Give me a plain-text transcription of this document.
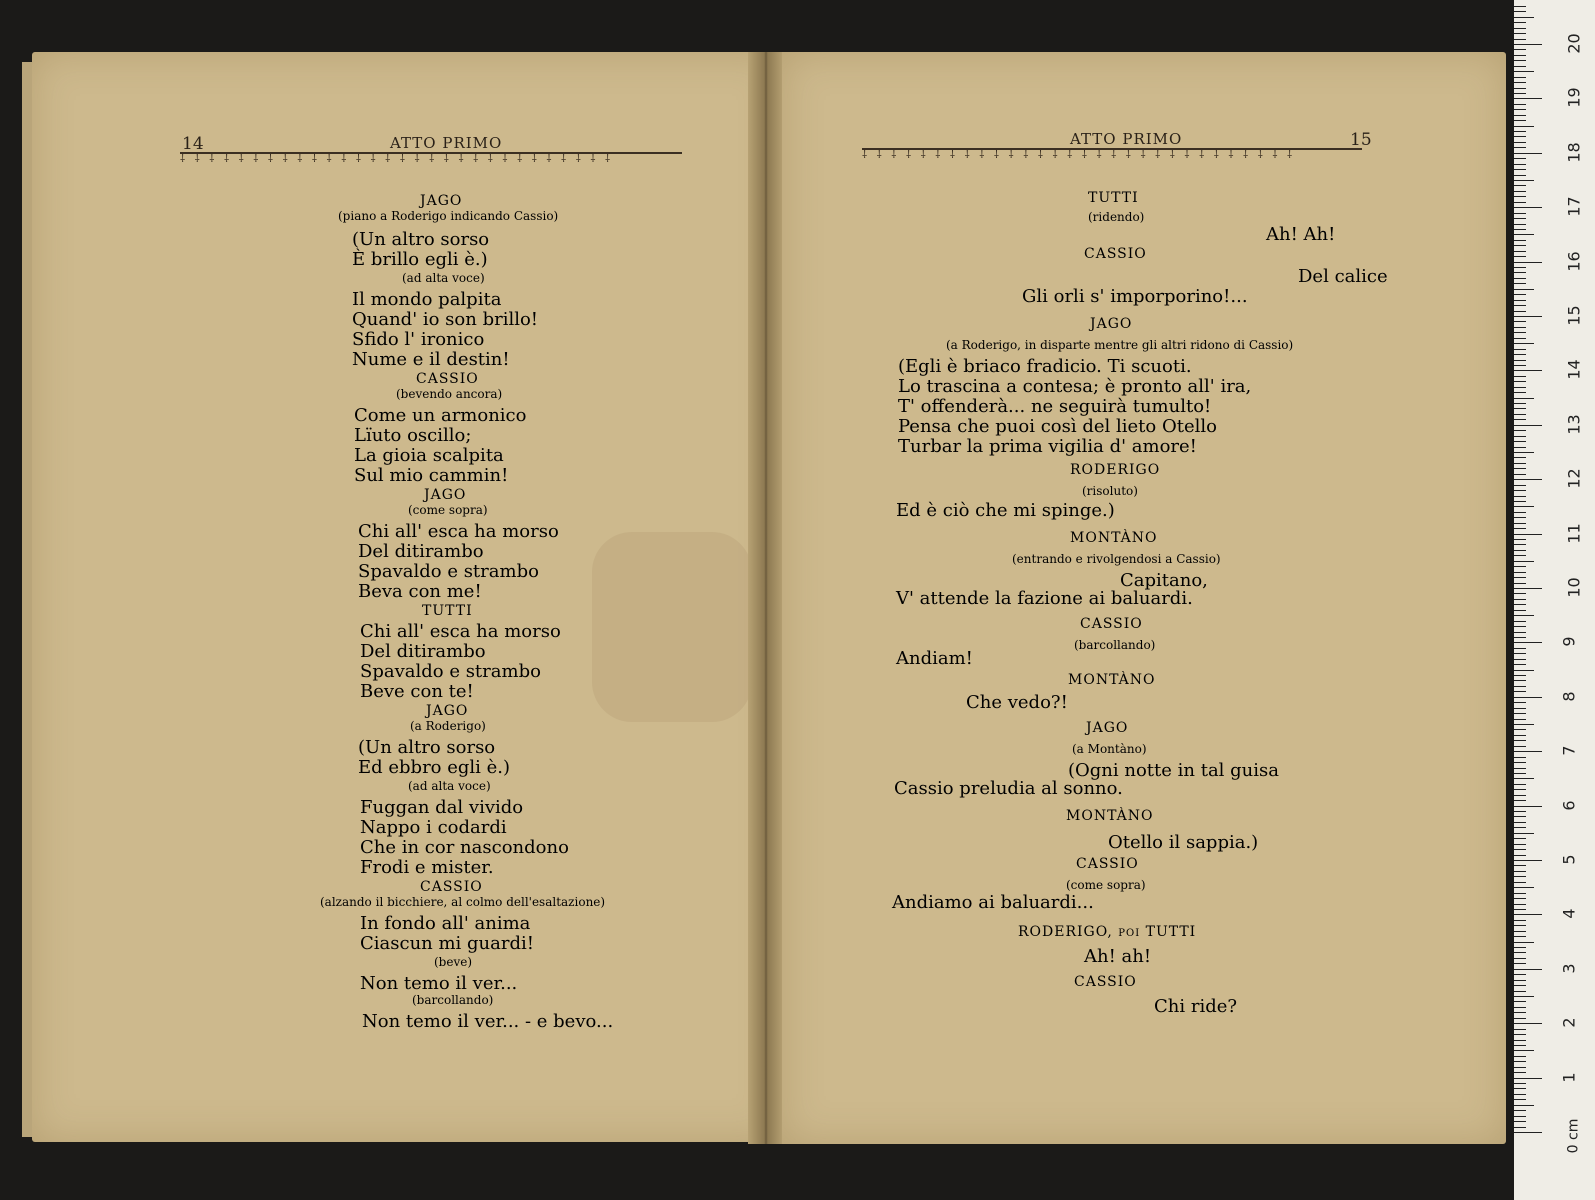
14	ATTO PRIMO
⸸ ⸸ ⸸ ⸸ ⸸ ⸸ ⸸ ⸸ ⸸ ⸸ ⸸ ⸸ ⸸ ⸸ ⸸ ⸸ ⸸ ⸸ ⸸ ⸸ ⸸ ⸸ ⸸ ⸸ ⸸ ⸸ ⸸ ⸸ ⸸ ⸸
ATTO PRIMO	15
⸸ ⸸ ⸸ ⸸ ⸸ ⸸ ⸸ ⸸ ⸸ ⸸ ⸸ ⸸ ⸸ ⸸ ⸸ ⸸ ⸸ ⸸ ⸸ ⸸ ⸸ ⸸ ⸸ ⸸ ⸸ ⸸ ⸸ ⸸ ⸸ ⸸
JAGO
(piano a Roderigo indicando Cassio)
(Un altro sorso
È brillo egli è.)
(ad alta voce)
Il mondo palpita
Quand' io son brillo!
Sfido l' ironico
Nume e il destin!
CASSIO
(bevendo ancora)
Come un armonico
Lïuto oscillo;
La gioia scalpita
Sul mio cammin!
JAGO
(come sopra)
Chi all' esca ha morso
Del ditirambo
Spavaldo e strambo
Beva con me!
TUTTI
Chi all' esca ha morso
Del ditirambo
Spavaldo e strambo
Beve con te!
JAGO
(a Roderigo)
(Un altro sorso
Ed ebbro egli è.)
(ad alta voce)
Fuggan dal vivido
Nappo i codardi
Che in cor nascondono
Frodi e mister.
CASSIO
(alzando il bicchiere, al colmo dell'esaltazione)
In fondo all' anima
Ciascun mi guardi!
(beve)
Non temo il ver...
(barcollando)
Non temo il ver... - e bevo...
TUTTI
(ridendo)
Ah! Ah!
CASSIO
Del calice
Gli orli s' imporporino!...
JAGO
(a Roderigo, in disparte mentre gli altri ridono di Cassio)
(Egli è briaco fradicio. Ti scuoti.
Lo trascina a contesa; è pronto all' ira,
T' offenderà... ne seguirà tumulto!
Pensa che puoi così del lieto Otello
Turbar la prima vigilia d' amore!
RODERIGO
(risoluto)
Ed è ciò che mi spinge.)
MONTÀNO
(entrando e rivolgendosi a Cassio)
Capitano,
V' attende la fazione ai baluardi.
CASSIO
(barcollando)
Andiam!
MONTÀNO
Che vedo?!
JAGO
(a Montàno)
(Ogni notte in tal guisa
Cassio preludia al sonno.
MONTÀNO
Otello il sappia.)
CASSIO
(come sopra)
Andiamo ai baluardi...
RODERIGO, poi TUTTI
Ah! ah!
CASSIO
Chi ride?
1
2
3
4
5
6
7
8
9
10
11
12
13
14
15
16
17
18
19
20
0 cm
